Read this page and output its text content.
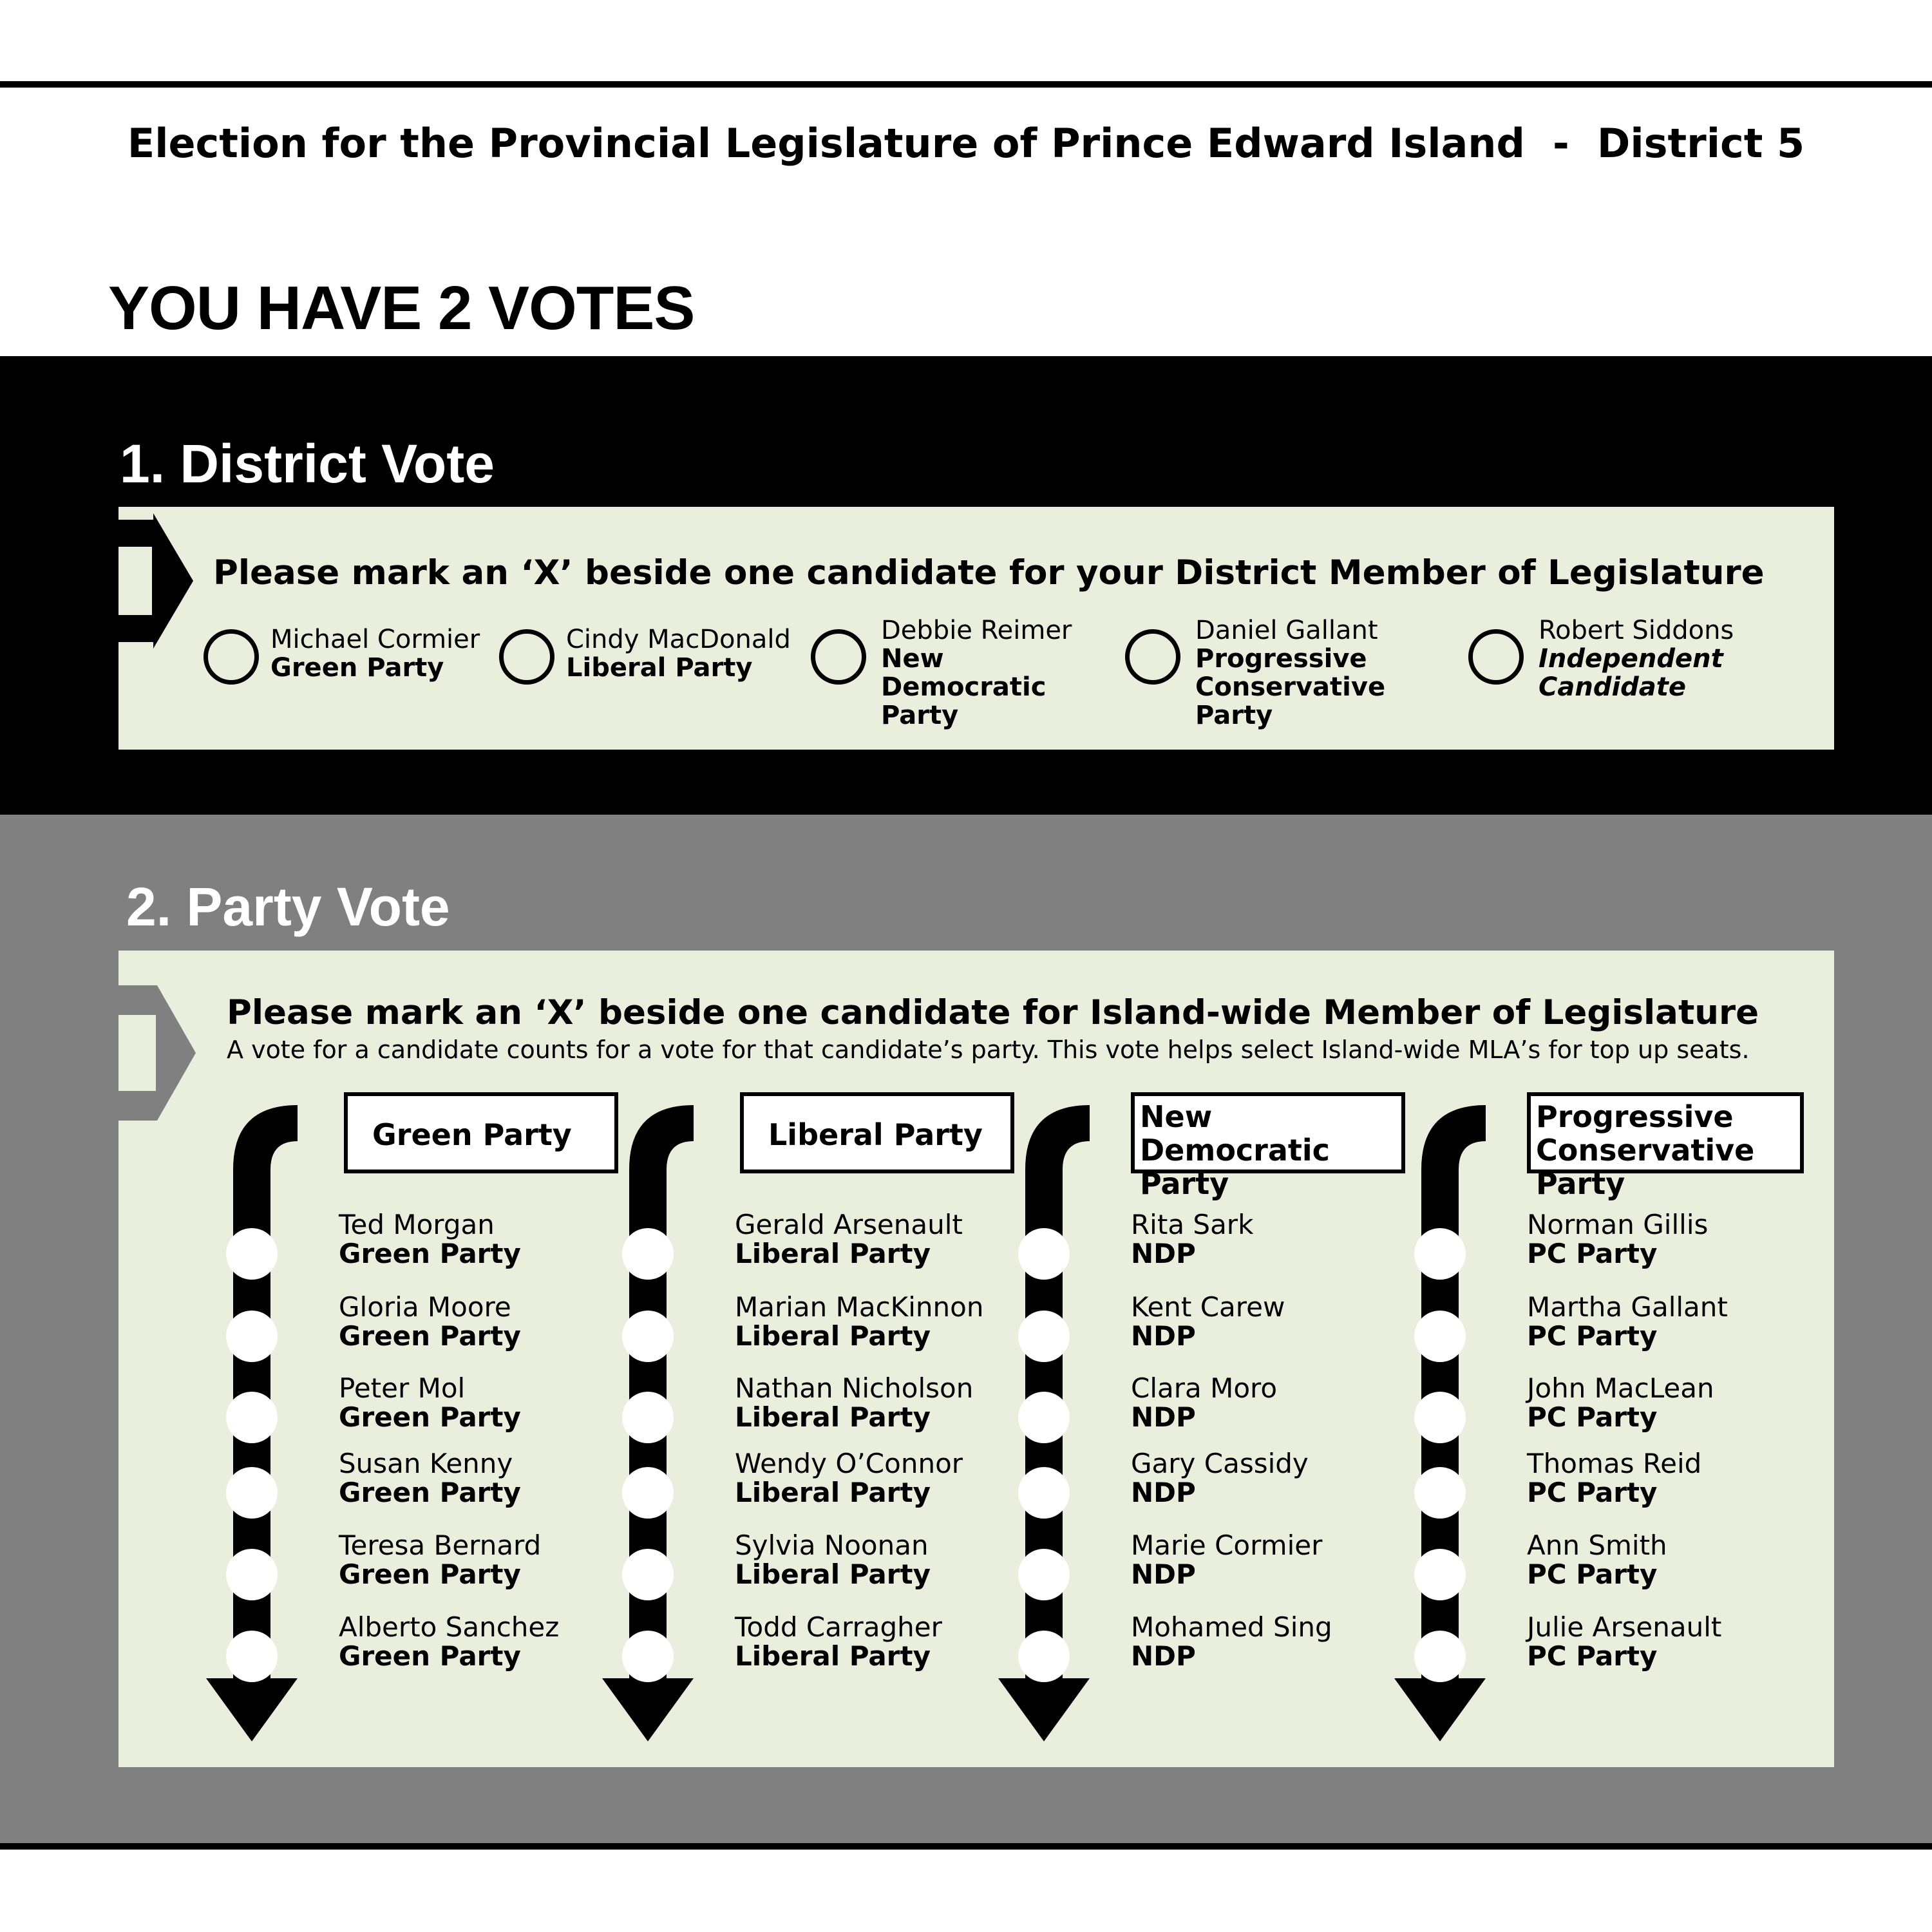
Election for the Provincial Legislature of Prince Edward Island  -  District 5
YOU HAVE 2 VOTES
1. District Vote
Please mark an ‘X’ beside one candidate for your District Member of Legislature
Michael Cormier
Green Party
Cindy MacDonald
Liberal Party
Debbie Reimer
New Democratic
Party
Daniel Gallant
Progressive
Conservative Party
Robert Siddons
Independent
Candidate
2. Party Vote
Please mark an ‘X’ beside one candidate for Island-wide Member of Legislature
A vote for a candidate counts for a vote for that candidate’s party. This vote helps select Island-wide MLA’s for top up seats.
Green Party
Ted Morgan
Green Party
Gloria Moore
Green Party
Peter Mol
Green Party
Susan Kenny
Green Party
Teresa Bernard
Green Party
Alberto Sanchez
Green Party
Liberal Party
Gerald Arsenault
Liberal Party
Marian MacKinnon
Liberal Party
Nathan Nicholson
Liberal Party
Wendy O’Connor
Liberal Party
Sylvia Noonan
Liberal Party
Todd Carragher
Liberal Party
New Democratic
Party
Rita Sark
NDP
Kent Carew
NDP
Clara Moro
NDP
Gary Cassidy
NDP
Marie Cormier
NDP
Mohamed Sing
NDP
Progressive
Conservative Party
Norman Gillis
PC Party
Martha Gallant
PC Party
John MacLean
PC Party
Thomas Reid
PC Party
Ann Smith
PC Party
Julie Arsenault
PC Party
